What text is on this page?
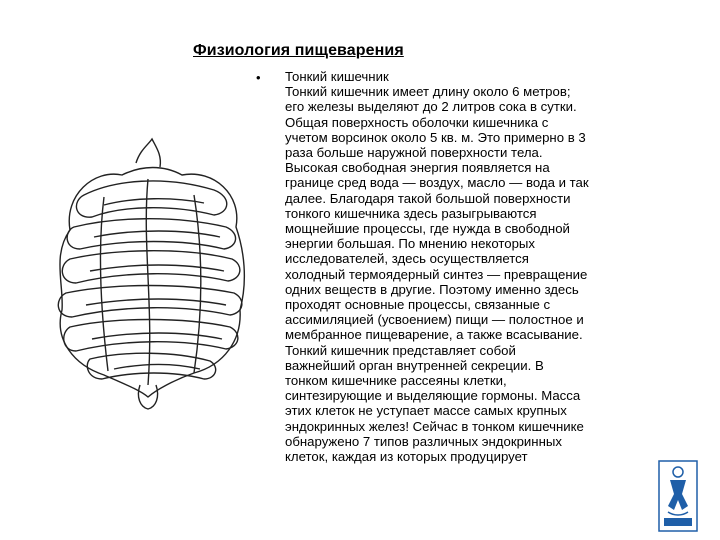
Физиология пищеварения
• Тонкий кишечник
Тонкий кишечник имеет длину около 6 метров;
его железы выделяют до 2 литров сока в сутки.
Общая поверхность оболочки кишечника с
учетом ворсинок около 5 кв. м. Это примерно в 3
раза больше наружной поверхности тела.
Высокая свободная энергия появляется на
границе сред вода — воздух, масло — вода и так
далее. Благодаря такой большой поверхности
тонкого кишечника здесь разыгрываются
мощнейшие процессы, где нужда в свободной
энергии большая. По мнению некоторых
исследователей, здесь осуществляется
холодный термоядерный синтез — превращение
одних веществ в другие. Поэтому именно здесь
проходят основные процессы, связанные с
ассимиляцией (усвоением) пищи — полостное и
мембранное пищеварение, а также всасывание.
Тонкий кишечник представляет собой
важнейший орган внутренней секреции. В
тонком кишечнике рассеяны клетки,
синтезирующие и выделяющие гормоны. Масса
этих клеток не уступает массе самых крупных
эндокринных желез! Сейчас в тонком кишечнике
обнаружено 7 типов различных эндокринных
клеток, каждая из которых продуцирует
